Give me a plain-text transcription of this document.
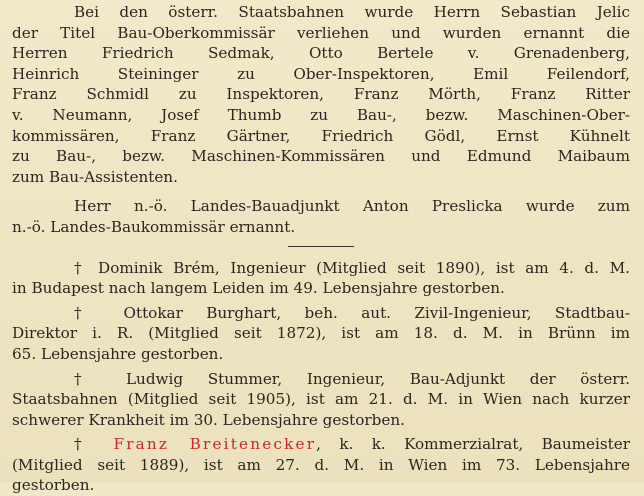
Bei den österr. Staatsbahnen wurde Herrn Sebastian Jelic
der Titel Bau-Oberkommissär verliehen und wurden ernannt die
Herren Friedrich Sedmak, Otto Bertele v. Grenadenberg,
Heinrich Steininger zu Ober-Inspektoren, Emil Feilendorf,
Franz Schmidl zu Inspektoren, Franz Mörth, Franz Ritter
v. Neumann, Josef Thumb zu Bau-, bezw. Maschinen-Ober-
kommissären, Franz Gärtner, Friedrich Gödl, Ernst Kühnelt
zu Bau-, bezw. Maschinen-Kommissären und Edmund Maibaum
zum Bau-Assistenten.

Herr n.-ö. Landes-Bauadjunkt Anton Preslicka wurde zum
n.-ö. Landes-Baukommissär ernannt.

† Dominik Brém, Ingenieur (Mitglied seit 1890), ist am 4. d. M.
in Budapest nach langem Leiden im 49. Lebensjahre gestorben.

† Ottokar Burghart, beh. aut. Zivil-Ingenieur, Stadtbau-
Direktor i. R. (Mitglied seit 1872), ist am 18. d. M. in Brünn im
65. Lebensjahre gestorben.

† Ludwig Stummer, Ingenieur, Bau-Adjunkt der österr.
Staatsbahnen (Mitglied seit 1905), ist am 21. d. M. in Wien nach kurzer
schwerer Krankheit im 30. Lebensjahre gestorben.

† Franz Breitenecker, k. k. Kommerzialrat, Baumeister
(Mitglied seit 1889), ist am 27. d. M. in Wien im 73. Lebensjahre
gestorben.
